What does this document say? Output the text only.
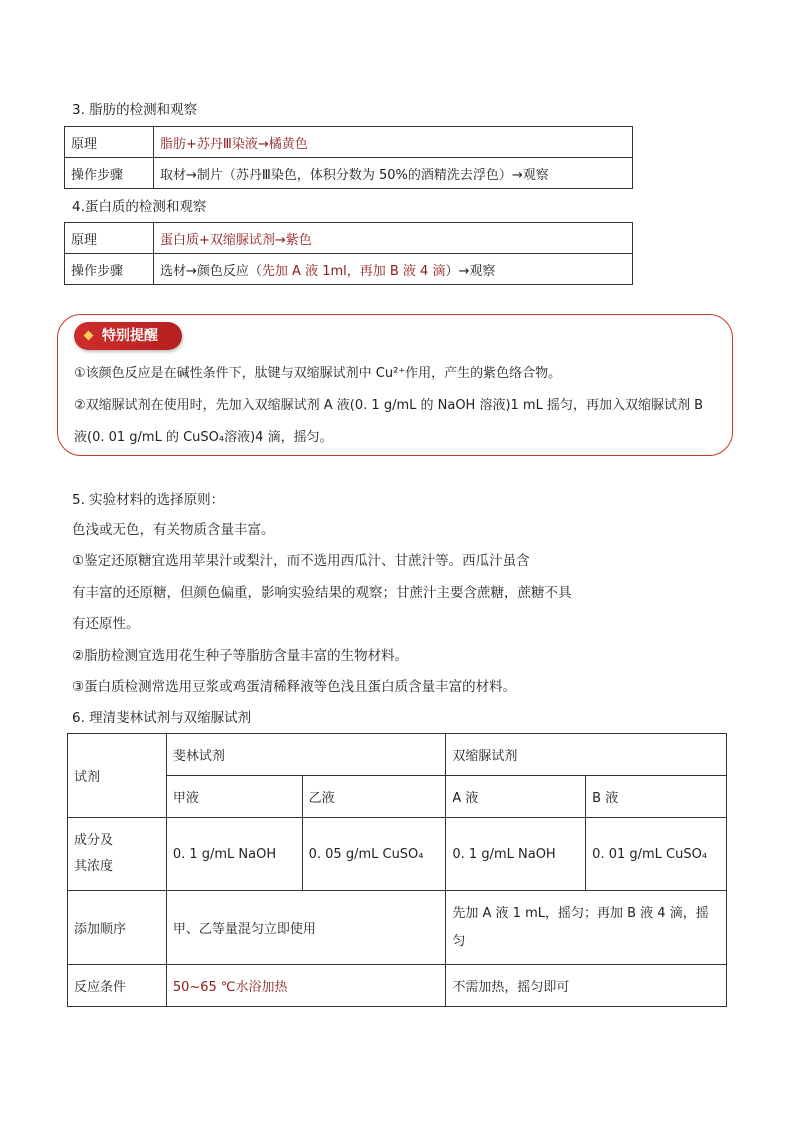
3. 脂肪的检测和观察
原理	脂肪+苏丹Ⅲ染液→橘黄色
操作步骤	取材→制片（苏丹Ⅲ染色，体积分数为 50%的酒精洗去浮色）→观察
4.蛋白质的检测和观察
原理	蛋白质+双缩脲试剂→紫色
操作步骤	选材→颜色反应（先加 A 液 1ml，再加 B 液 4 滴）→观察
特别提醒
①该颜色反应是在碱性条件下，肽键与双缩脲试剂中 Cu²⁺作用，产生的紫色络合物。
②双缩脲试剂在使用时，先加入双缩脲试剂 A 液(0. 1 g/mL 的 NaOH 溶液)1 mL 摇匀，再加入双缩脲试剂 B
液(0. 01 g/mL 的 CuSO₄溶液)4 滴，摇匀。
5. 实验材料的选择原则：
色浅或无色，有关物质含量丰富。
①鉴定还原糖宜选用苹果汁或梨汁，而不选用西瓜汁、甘蔗汁等。西瓜汁虽含
有丰富的还原糖，但颜色偏重，影响实验结果的观察；甘蔗汁主要含蔗糖，蔗糖不具
有还原性。
②脂肪检测宜选用花生种子等脂肪含量丰富的生物材料。
③蛋白质检测常选用豆浆或鸡蛋清稀释液等色浅且蛋白质含量丰富的材料。
6. 理清斐林试剂与双缩脲试剂
试剂	斐林试剂		双缩脲试剂	
	甲液	乙液	A 液	B 液
成分及
其浓度	0. 1 g/mL NaOH	0. 05 g/mL CuSO₄	0. 1 g/mL NaOH	0. 01 g/mL CuSO₄
添加顺序	甲、乙等量混匀立即使用		先加 A 液 1 mL，摇匀；再加 B 液 4 滴，摇匀	
反应条件	50~65 ℃水浴加热		不需加热，摇匀即可	
